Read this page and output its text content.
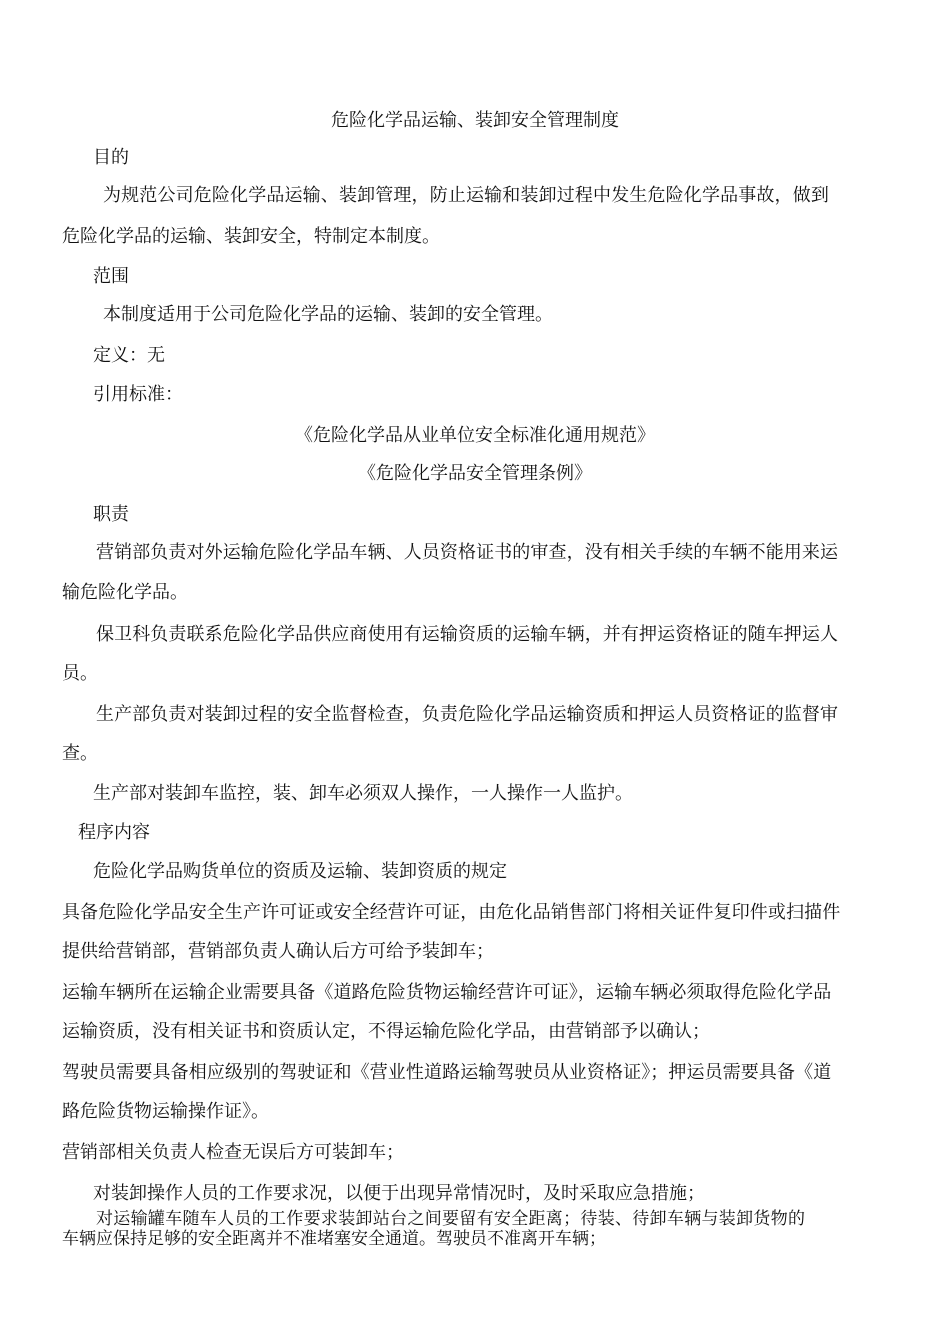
危险化学品运输、装卸安全管理制度
目的
为规范公司危险化学品运输、装卸管理，防止运输和装卸过程中发生危险化学品事故，做到
危险化学品的运输、装卸安全，特制定本制度。
范围
本制度适用于公司危险化学品的运输、装卸的安全管理。
定义：无
引用标准：
《危险化学品从业单位安全标准化通用规范》
《危险化学品安全管理条例》
职责
营销部负责对外运输危险化学品车辆、人员资格证书的审查，没有相关手续的车辆不能用来运
输危险化学品。
保卫科负责联系危险化学品供应商使用有运输资质的运输车辆，并有押运资格证的随车押运人
员。
生产部负责对装卸过程的安全监督检查，负责危险化学品运输资质和押运人员资格证的监督审
查。
生产部对装卸车监控，装、卸车必须双人操作，一人操作一人监护。
程序内容
危险化学品购货单位的资质及运输、装卸资质的规定
具备危险化学品安全生产许可证或安全经营许可证，由危化品销售部门将相关证件复印件或扫描件
提供给营销部，营销部负责人确认后方可给予装卸车；
运输车辆所在运输企业需要具备《道路危险货物运输经营许可证》，运输车辆必须取得危险化学品
运输资质，没有相关证书和资质认定，不得运输危险化学品，由营销部予以确认；
驾驶员需要具备相应级别的驾驶证和《营业性道路运输驾驶员从业资格证》；押运员需要具备《道
路危险货物运输操作证》。
营销部相关负责人检查无误后方可装卸车；
对装卸操作人员的工作要求况，以便于出现异常情况时，及时采取应急措施；
对运输罐车随车人员的工作要求装卸站台之间要留有安全距离；待装、待卸车辆与装卸货物的
车辆应保持足够的安全距离并不准堵塞安全通道。驾驶员不准离开车辆；
